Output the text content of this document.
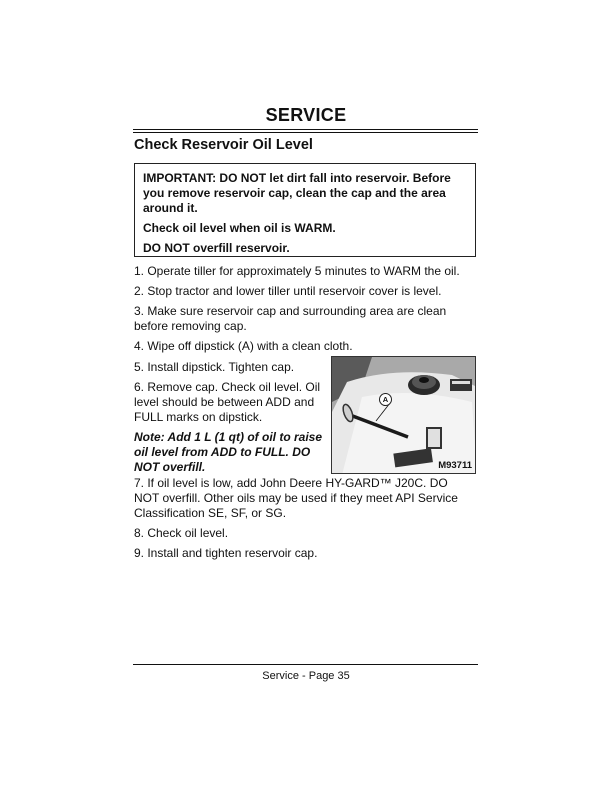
SERVICE
Check Reservoir Oil Level

IMPORTANT: DO NOT let dirt fall into reservoir. Before you remove reservoir cap, clean the cap and the area around it.

Check oil level when oil is WARM.

DO NOT overfill reservoir.

1. Operate tiller for approximately 5 minutes to WARM the oil.

2. Stop tractor and lower tiller until reservoir cover is level.

3. Make sure reservoir cap and surrounding area are clean before removing cap.

4. Wipe off dipstick (A) with a clean cloth.

5. Install dipstick. Tighten cap.

6. Remove cap. Check oil level. Oil level should be between ADD and FULL marks on dipstick.

Note: Add 1 L (1 qt) of oil to raise oil level from ADD to FULL. DO NOT overfill.

A
M93711

7. If oil level is low, add John Deere HY-GARD™ J20C. DO NOT overfill. Other oils may be used if they meet API Service Classification SE, SF, or SG.

8. Check oil level.

9. Install and tighten reservoir cap.

Service - Page 35
